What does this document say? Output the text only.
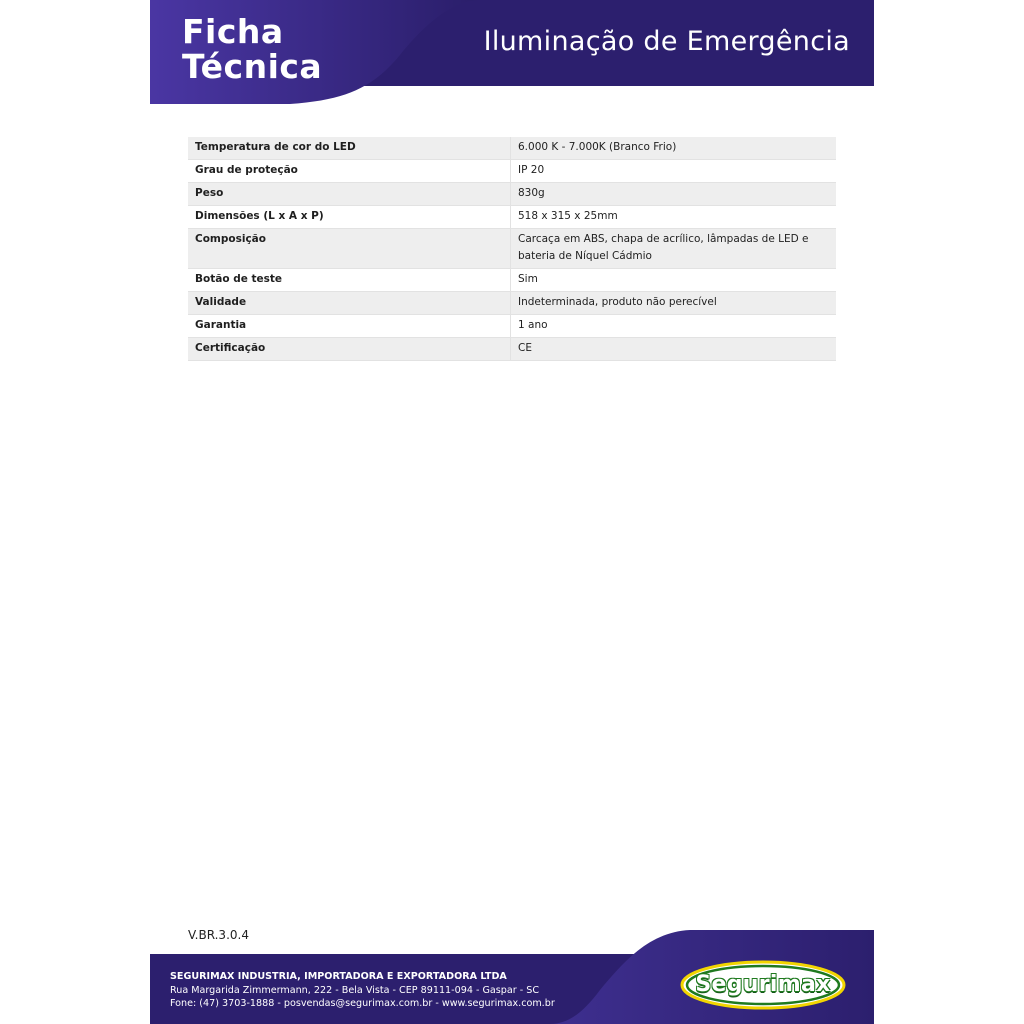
Ficha
Técnica
Iluminação de Emergência
Temperatura de cor do LED	6.000 K - 7.000K (Branco Frio)
Grau de proteção	IP 20
Peso	830g
Dimensões (L x A x P)	518 x 315 x 25mm
Composição	Carcaça em ABS, chapa de acrílico, lâmpadas de LED e bateria de Níquel Cádmio
Botão de teste	Sim
Validade	Indeterminada, produto não perecível
Garantia	1 ano
Certificação	CE
V.BR.3.0.4
SEGURIMAX INDUSTRIA, IMPORTADORA E EXPORTADORA LTDA
Rua Margarida Zimmermann, 222 - Bela Vista - CEP 89111-094 - Gaspar - SC
Fone: (47) 3703-1888 - posvendas@segurimax.com.br - www.segurimax.com.br
Segurimax
